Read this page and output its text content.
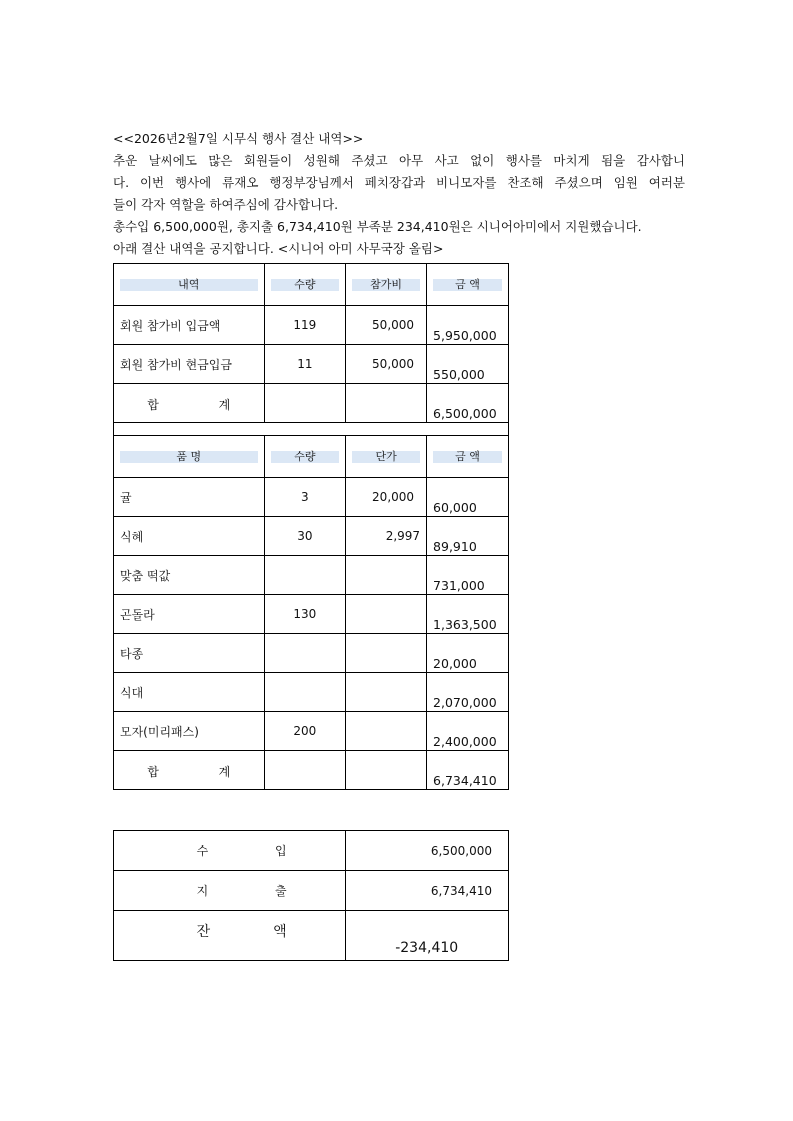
<<2026년2월7일 시무식 행사 결산 내역>>

추운 날씨에도 많은 회원들이 성원해 주셨고 아무 사고 없이 행사를 마치게 됨을 감사합니

다. 이번 행사에 류재오 행정부장님께서 페치장갑과 비니모자를 찬조해 주셨으며 임원 여러분

들이 각자 역할을 하여주심에 감사합니다.

총수입 6,500,000원, 총지출 6,734,410원 부족분 234,410원은 시니어아미에서 지원했습니다.

아래 결산 내역을 공지합니다. <시니어 아미 사무국장 올림>

내역	수량	참가비	금 액

회원 참가비 입금액	119	50,000	5,950,000
회원 참가비 현금입금	11	50,000	550,000
합 계			6,500,000

품 명	수량	단가	금 액

귤	3	20,000	60,000
식혜	30	2,997	89,910
맞춤 떡값			731,000
곤돌라	130		1,363,500
타종			20,000
식대			2,070,000
모자(미리패스)	200		2,400,000
합 계			6,734,410
수 입	6,500,000
지 출	6,734,410
잔 액	-234,410
